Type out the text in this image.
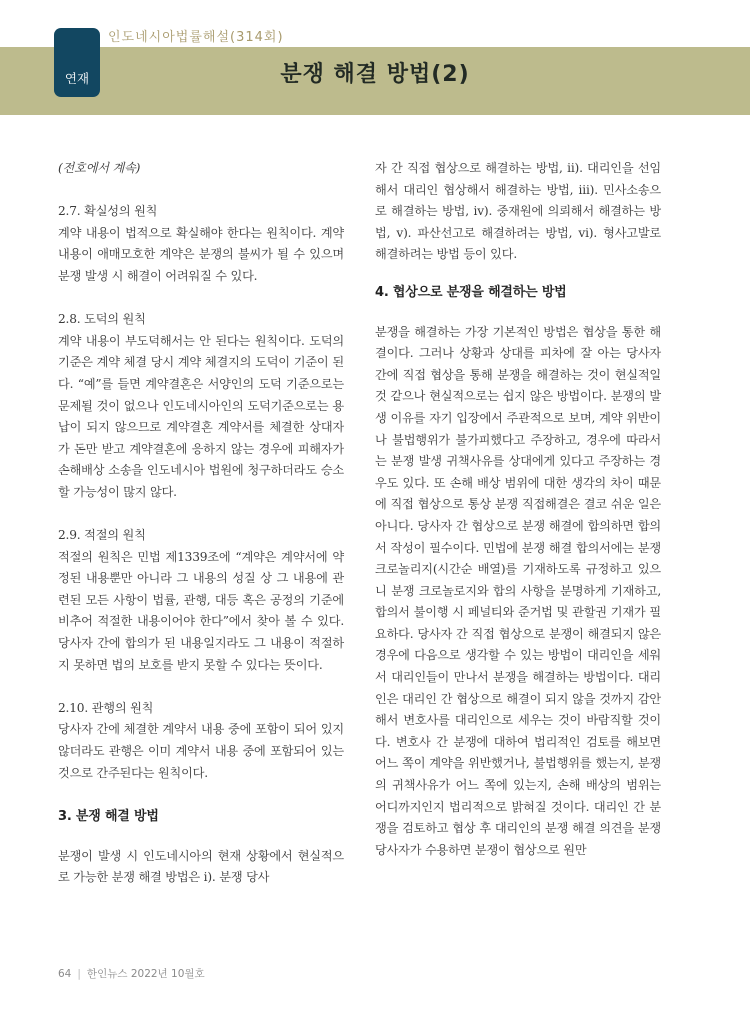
인도네시아법률해설(314회)
연재	분쟁 해결 방법(2)

(전호에서 계속)

2.7. 확실성의 원칙

계약 내용이 법적으로 확실해야 한다는 원칙이다. 계약 내용이 애매모호한 계약은 분쟁의 불씨가 될 수 있으며 분쟁 발생 시 해결이 어려워질 수 있다.

2.8. 도덕의 원칙

계약 내용이 부도덕해서는 안 된다는 원칙이다. 도덕의 기준은 계약 체결 당시 계약 체결지의 도덕이 기준이 된다. “예”를 들면 계약결혼은 서양인의 도덕 기준으로는 문제될 것이 없으나 인도네시아인의 도덕기준으로는 용납이 되지 않으므로 계약결혼 계약서를 체결한 상대자가 돈만 받고 계약결혼에 응하지 않는 경우에 피해자가 손해배상 소송을 인도네시아 법원에 청구하더라도 승소할 가능성이 많지 않다.

2.9. 적절의 원칙

적절의 원칙은 민법 제1339조에 “계약은 계약서에 약정된 내용뿐만 아니라 그 내용의 성질 상 그 내용에 관련된 모든 사항이 법률, 관행, 대등 혹은 공정의 기준에 비추어 적절한 내용이어야 한다”에서 찾아 볼 수 있다. 당사자 간에 합의가 된 내용일지라도 그 내용이 적절하지 못하면 법의 보호를 받지 못할 수 있다는 뜻이다.

2.10. 관행의 원칙

당사자 간에 체결한 계약서 내용 중에 포함이 되어 있지 않더라도 관행은 이미 계약서 내용 중에 포함되어 있는 것으로 간주된다는 원칙이다.

3. 분쟁 해결 방법

분쟁이 발생 시 인도네시아의 현재 상황에서 현실적으로 가능한 분쟁 해결 방법은 i). 분쟁 당사

자 간 직접 협상으로 해결하는 방법, ii). 대리인을 선임해서 대리인 협상해서 해결하는 방법, iii). 민사소송으로 해결하는 방법, iv). 중재원에 의뢰해서 해결하는 방법, v). 파산선고로 해결하려는 방법, vi). 형사고발로 해결하려는 방법 등이 있다.

4. 협상으로 분쟁을 해결하는 방법

분쟁을 해결하는 가장 기본적인 방법은 협상을 통한 해결이다. 그러나 상황과 상대를 피차에 잘 아는 당사자 간에 직접 협상을 통해 분쟁을 해결하는 것이 현실적일 것 같으나 현실적으로는 쉽지 않은 방법이다. 분쟁의 발생 이유를 자기 입장에서 주관적으로 보며, 계약 위반이나 불법행위가 불가피했다고 주장하고, 경우에 따라서는 분쟁 발생 귀책사유를 상대에게 있다고 주장하는 경우도 있다. 또 손해 배상 범위에 대한 생각의 차이 때문에 직접 협상으로 통상 분쟁 직접해결은 결코 쉬운 일은 아니다. 당사자 간 협상으로 분쟁 해결에 합의하면 합의서 작성이 필수이다. 민법에 분쟁 해결 합의서에는 분쟁 크로놀리지(시간순 배열)를 기재하도록 규정하고 있으니 분쟁 크로놀로지와 합의 사항을 분명하게 기재하고, 합의서 불이행 시 페널티와 준거법 및 관할권 기재가 필요하다. 당사자 간 직접 협상으로 분쟁이 해결되지 않은 경우에 다음으로 생각할 수 있는 방법이 대리인을 세워서 대리인들이 만나서 분쟁을 해결하는 방법이다. 대리인은 대리인 간 협상으로 해결이 되지 않을 것까지 감안해서 변호사를 대리인으로 세우는 것이 바람직할 것이다. 변호사 간 분쟁에 대하여 법리적인 검토를 해보면 어느 쪽이 계약을 위반했거나, 불법행위를 했는지, 분쟁의 귀책사유가 어느 쪽에 있는지, 손해 배상의 범위는 어디까지인지 법리적으로 밝혀질 것이다. 대리인 간 분쟁을 검토하고 협상 후 대리인의 분쟁 해결 의견을 분쟁 당사자가 수용하면 분쟁이 협상으로 원만

64 | 한인뉴스 2022년 10월호
